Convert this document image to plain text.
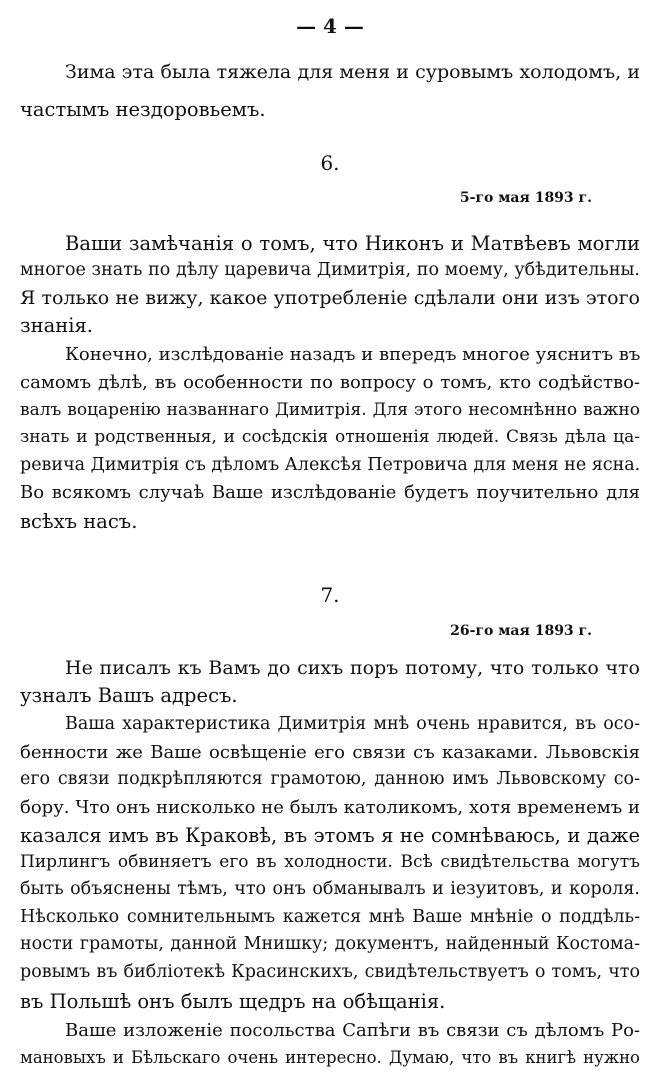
— 4 —
Зима эта была тяжела для меня и суровымъ холодомъ, и
частымъ нездоровьемъ.
6.
5-го мая 1893 г.
Ваши замѣчанія о томъ, что Никонъ и Матвѣевъ могли
многое знать по дѣлу царевича Димитрія, по моему, убѣдительны.
Я только не вижу, какое употребленіе сдѣлали они изъ этого
знанія.
Конечно, изслѣдованіе назадъ и впередъ многое уяснитъ въ
самомъ дѣлѣ, въ особенности по вопросу о томъ, кто содѣйство-
валъ воцаренію названнаго Димитрія. Для этого несомнѣнно важно
знать и родственныя, и сосѣдскія отношенія людей. Связь дѣла ца-
ревича Димитрія съ дѣломъ Алексѣя Петровича для меня не ясна.
Во всякомъ случаѣ Ваше изслѣдованіе будетъ поучительно для
всѣхъ насъ.
7.
26-го мая 1893 г.
Не писалъ къ Вамъ до сихъ поръ потому, что только что
узналъ Вашъ адресъ.
Ваша характеристика Димитрія мнѣ очень нравится, въ осо-
бенности же Ваше освѣщеніе его связи съ казаками. Львовскія
его связи подкрѣпляются грамотою, данною имъ Львовскому со-
бору. Что онъ нисколько не былъ католикомъ, хотя временемъ и
казался имъ въ Краковѣ, въ этомъ я не сомнѣваюсь, и даже
Пирлингъ обвиняетъ его въ холодности. Всѣ свидѣтельства могутъ
быть объяснены тѣмъ, что онъ обманывалъ и іезуитовъ, и короля.
Нѣсколько сомнительнымъ кажется мнѣ Ваше мнѣніе о поддѣль-
ности грамоты, данной Мнишку; документъ, найденный Костома-
ровымъ въ библіотекѣ Красинскихъ, свидѣтельствуетъ о томъ, что
въ Польшѣ онъ былъ щедръ на обѣщанія.
Ваше изложеніе посольства Сапѣги въ связи съ дѣломъ Ро-
мановыхъ и Бѣльскаго очень интересно. Думаю, что въ книгѣ нужно
